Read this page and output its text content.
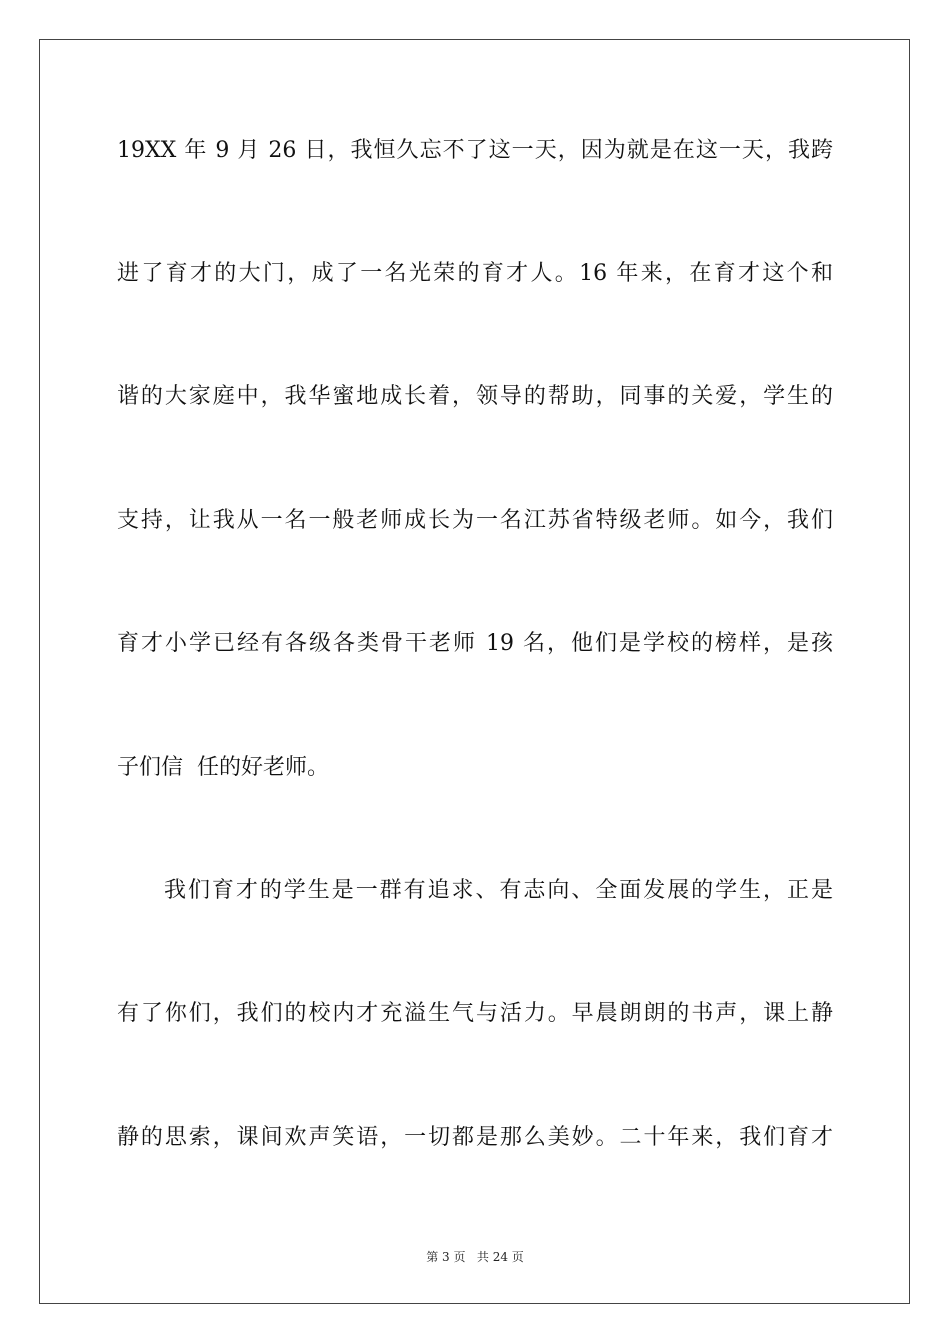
19XX 年 9 月 26 日，我恒久忘不了这一天，因为就是在这一天，我跨
进了育才的大门，成了一名光荣的育才人。16 年来，在育才这个和
谐的大家庭中，我华蜜地成长着，领导的帮助，同事的关爱，学生的
支持，让我从一名一般老师成长为一名江苏省特级老师。如今，我们
育才小学已经有各级各类骨干老师 19 名，他们是学校的榜样，是孩
子们信  任的好老师。
我们育才的学生是一群有追求、有志向、全面发展的学生，正是
有了你们，我们的校内才充溢生气与活力。早晨朗朗的书声，课上静
静的思索，课间欢声笑语，一切都是那么美妙。二十年来，我们育才
第 3 页   共 24 页
